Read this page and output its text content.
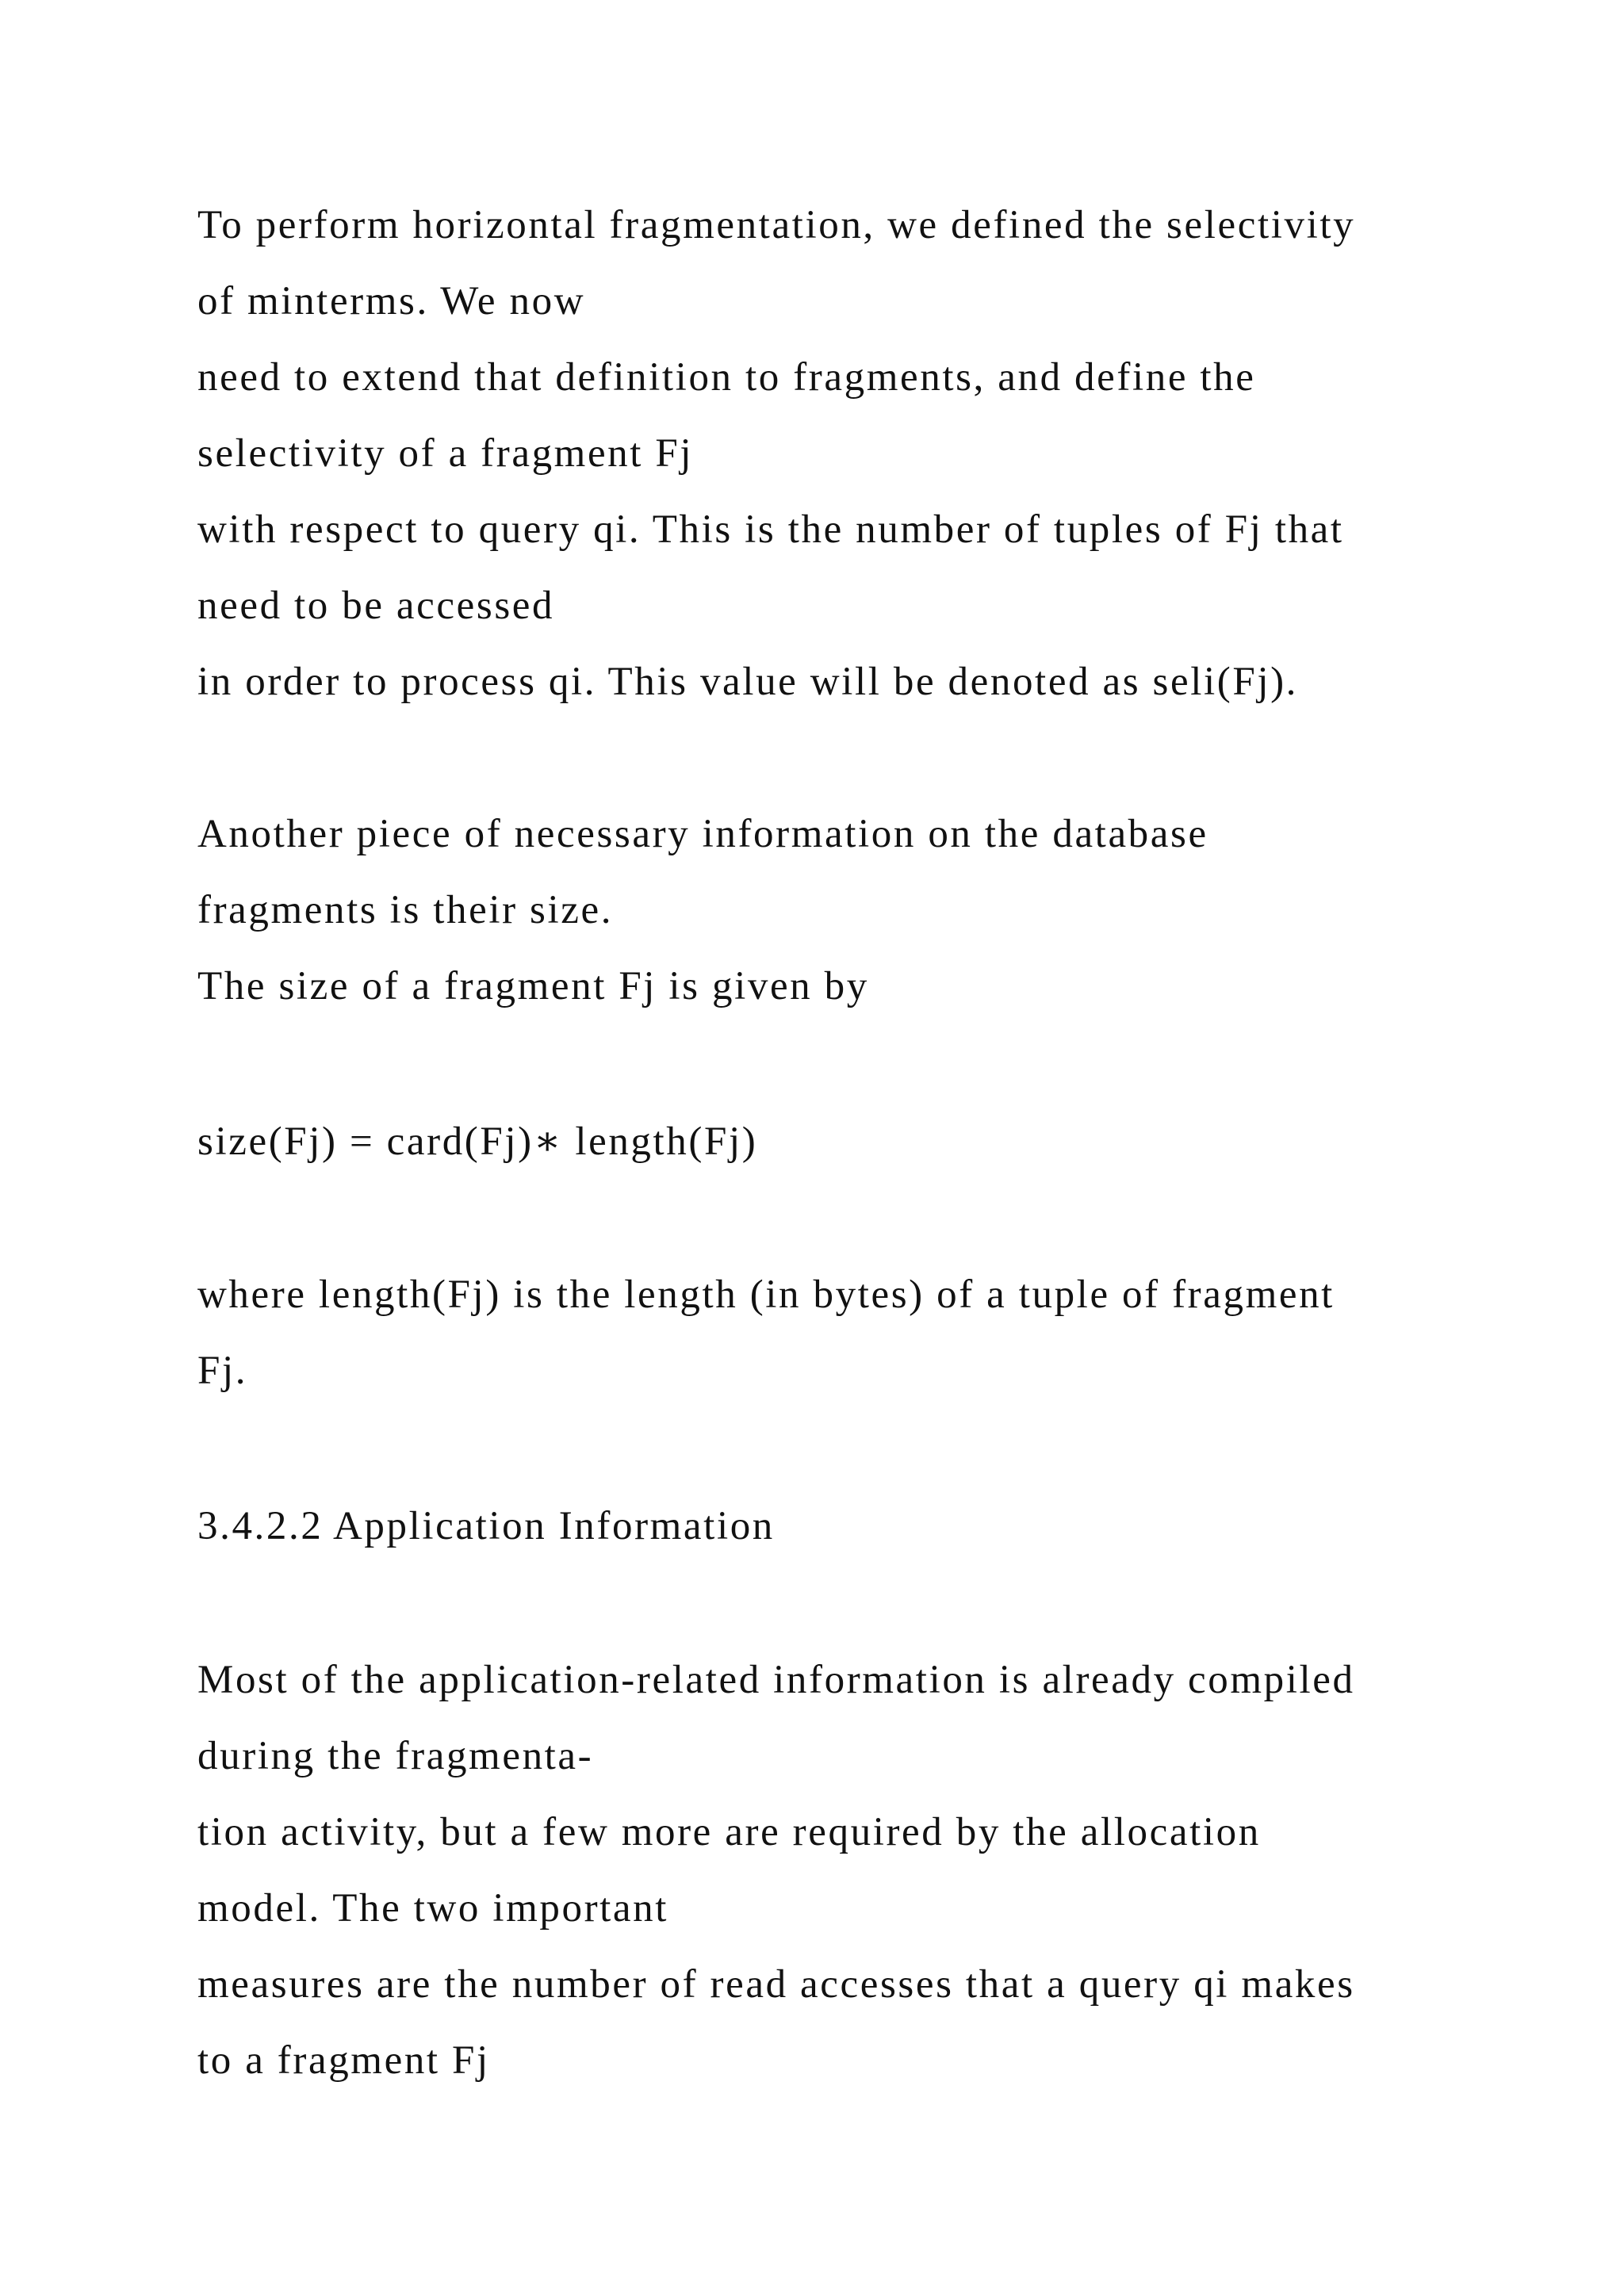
To perform horizontal fragmentation, we defined the selectivity

of minterms. We now

need to extend that definition to fragments, and define the

selectivity of a fragment Fj

with respect to query qi. This is the number of tuples of Fj that

need to be accessed

in order to process qi. This value will be denoted as seli(Fj).

Another piece of necessary information on the database

fragments is their size.

The size of a fragment Fj is given by

size(Fj) = card(Fj)∗ length(Fj)

where length(Fj) is the length (in bytes) of a tuple of fragment

Fj.

3.4.2.2 Application Information

Most of the application-related information is already compiled

during the fragmenta-

tion activity, but a few more are required by the allocation

model. The two important

measures are the number of read accesses that a query qi makes

to a fragment Fj
